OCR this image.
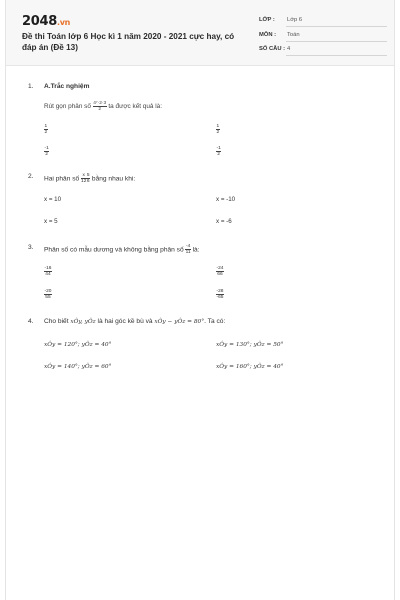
2048.vn
Đề thi Toán lớp 6 Học kì 1 năm 2020 - 2021 cực hay, có đáp án (Đề 13)
LỚP : Lớp 6
MÔN : Toán
SỐ CÂU : 4
1.	A.Trắc nghiệm
Rút gọn phân số $\frac{\text{4⁷·2·3}}{2}$ ta được kết quả là:
$\frac{1}{2}$	$\frac{1}{2}$
$\frac{-1}{2}$	$\frac{-1}{2}$
2.	Hai phân số $\frac{x}{12} \frac{5}{6}$ bằng nhau khi:
x = 10	x = -10
x = 5	x = -6
3.	Phân số có mẫu dương và không bằng phân số $\frac{-4}{11}$ là:
$\frac{-16}{44}$	$\frac{-24}{66}$
$\frac{-20}{55}$	$\frac{-28}{-65}$
4.	Cho biết xÔy, yÔz là hai góc kề bù và xÔy − yÔz = 80°. Ta có:
xÔy = 120°; yÔz = 40°	xÔy = 130°; yÔz = 50°
xÔy = 140°; yÔz = 60°	xÔy = 160°; yÔz = 40°
